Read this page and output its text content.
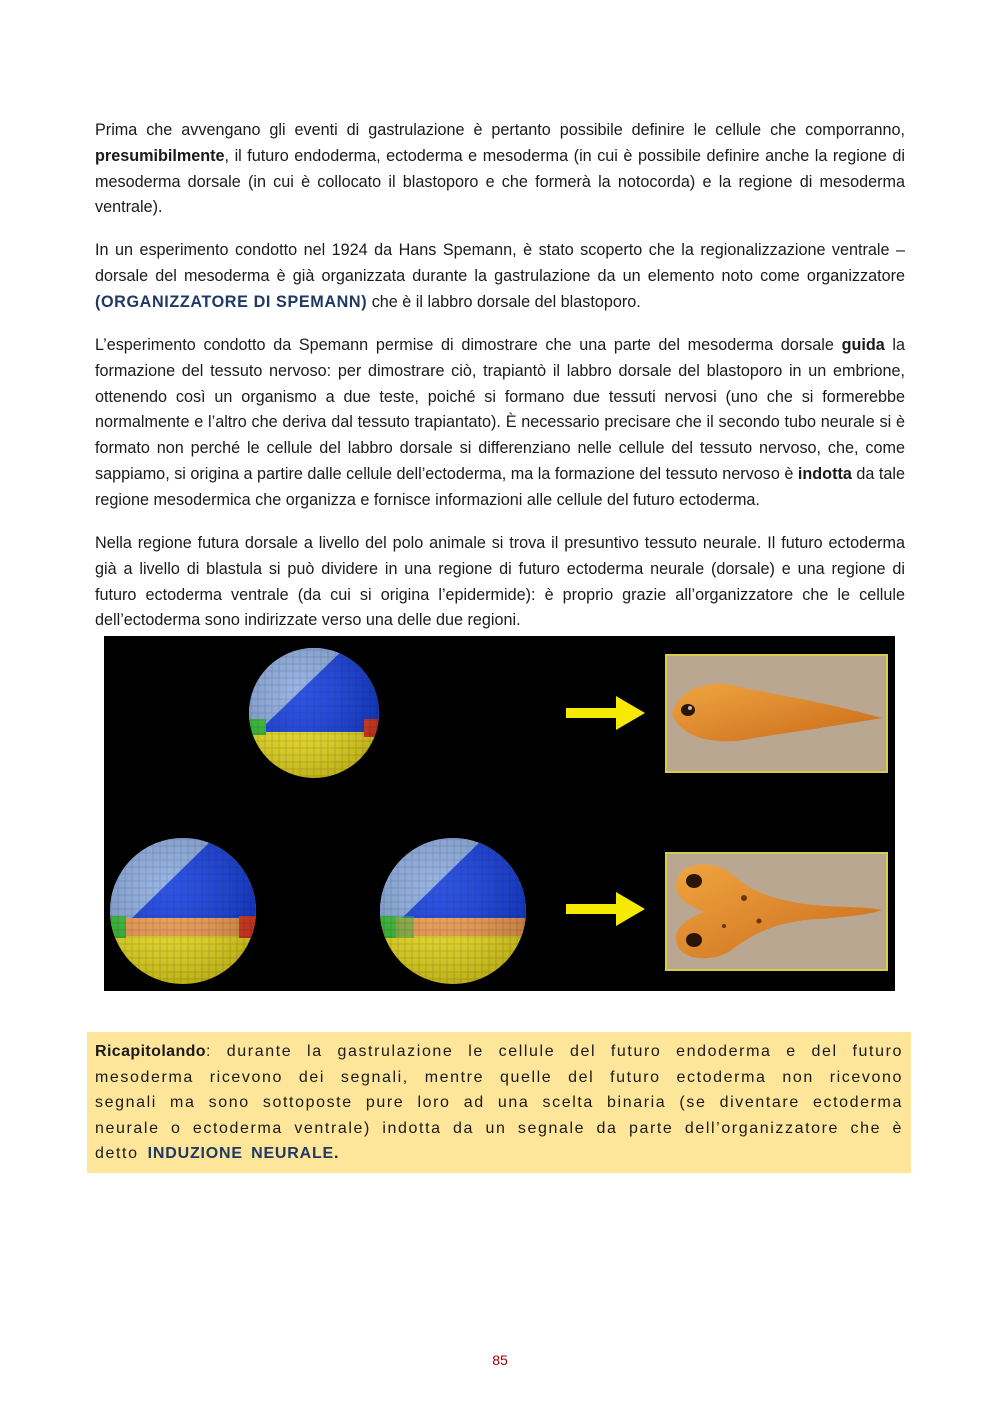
Prima che avvengano gli eventi di gastrulazione è pertanto possibile definire le cellule che comporranno, presumibilmente, il futuro endoderma, ectoderma e mesoderma (in cui è possibile definire anche la regione di mesoderma dorsale (in cui è collocato il blastoporo e che formerà la notocorda) e la regione di mesoderma ventrale).

In un esperimento condotto nel 1924 da Hans Spemann, è stato scoperto che la regionalizzazione ventrale – dorsale del mesoderma è già organizzata durante la gastrulazione da un elemento noto come organizzatore (ORGANIZZATORE DI SPEMANN) che è il labbro dorsale del blastoporo.

L’esperimento condotto da Spemann permise di dimostrare che una parte del mesoderma dorsale guida la formazione del tessuto nervoso: per dimostrare ciò, trapiantò il labbro dorsale del blastoporo in un embrione, ottenendo così un organismo a due teste, poiché si formano due tessuti nervosi (uno che si formerebbe normalmente e l’altro che deriva dal tessuto trapiantato). È necessario precisare che il secondo tubo neurale si è formato non perché le cellule del labbro dorsale si differenziano nelle cellule del tessuto nervoso, che, come sappiamo, si origina a partire dalle cellule dell’ectoderma, ma la formazione del tessuto nervoso è indotta da tale regione mesodermica che organizza e fornisce informazioni alle cellule del futuro ectoderma.

Nella regione futura dorsale a livello del polo animale si trova il presuntivo tessuto neurale. Il futuro ectoderma già a livello di blastula si può dividere in una regione di futuro ectoderma neurale (dorsale) e una regione di futuro ectoderma ventrale (da cui si origina l’epidermide): è proprio grazie all’organizzatore che le cellule dell’ectoderma sono indirizzate verso una delle due regioni.

Ricapitolando: durante la gastrulazione le cellule del futuro endoderma e del futuro mesoderma ricevono dei segnali, mentre quelle del futuro ectoderma non ricevono segnali ma sono sottoposte pure loro ad una scelta binaria (se diventare ectoderma neurale o ectoderma ventrale) indotta da un segnale da parte dell’organizzatore che è detto INDUZIONE NEURALE.

85
